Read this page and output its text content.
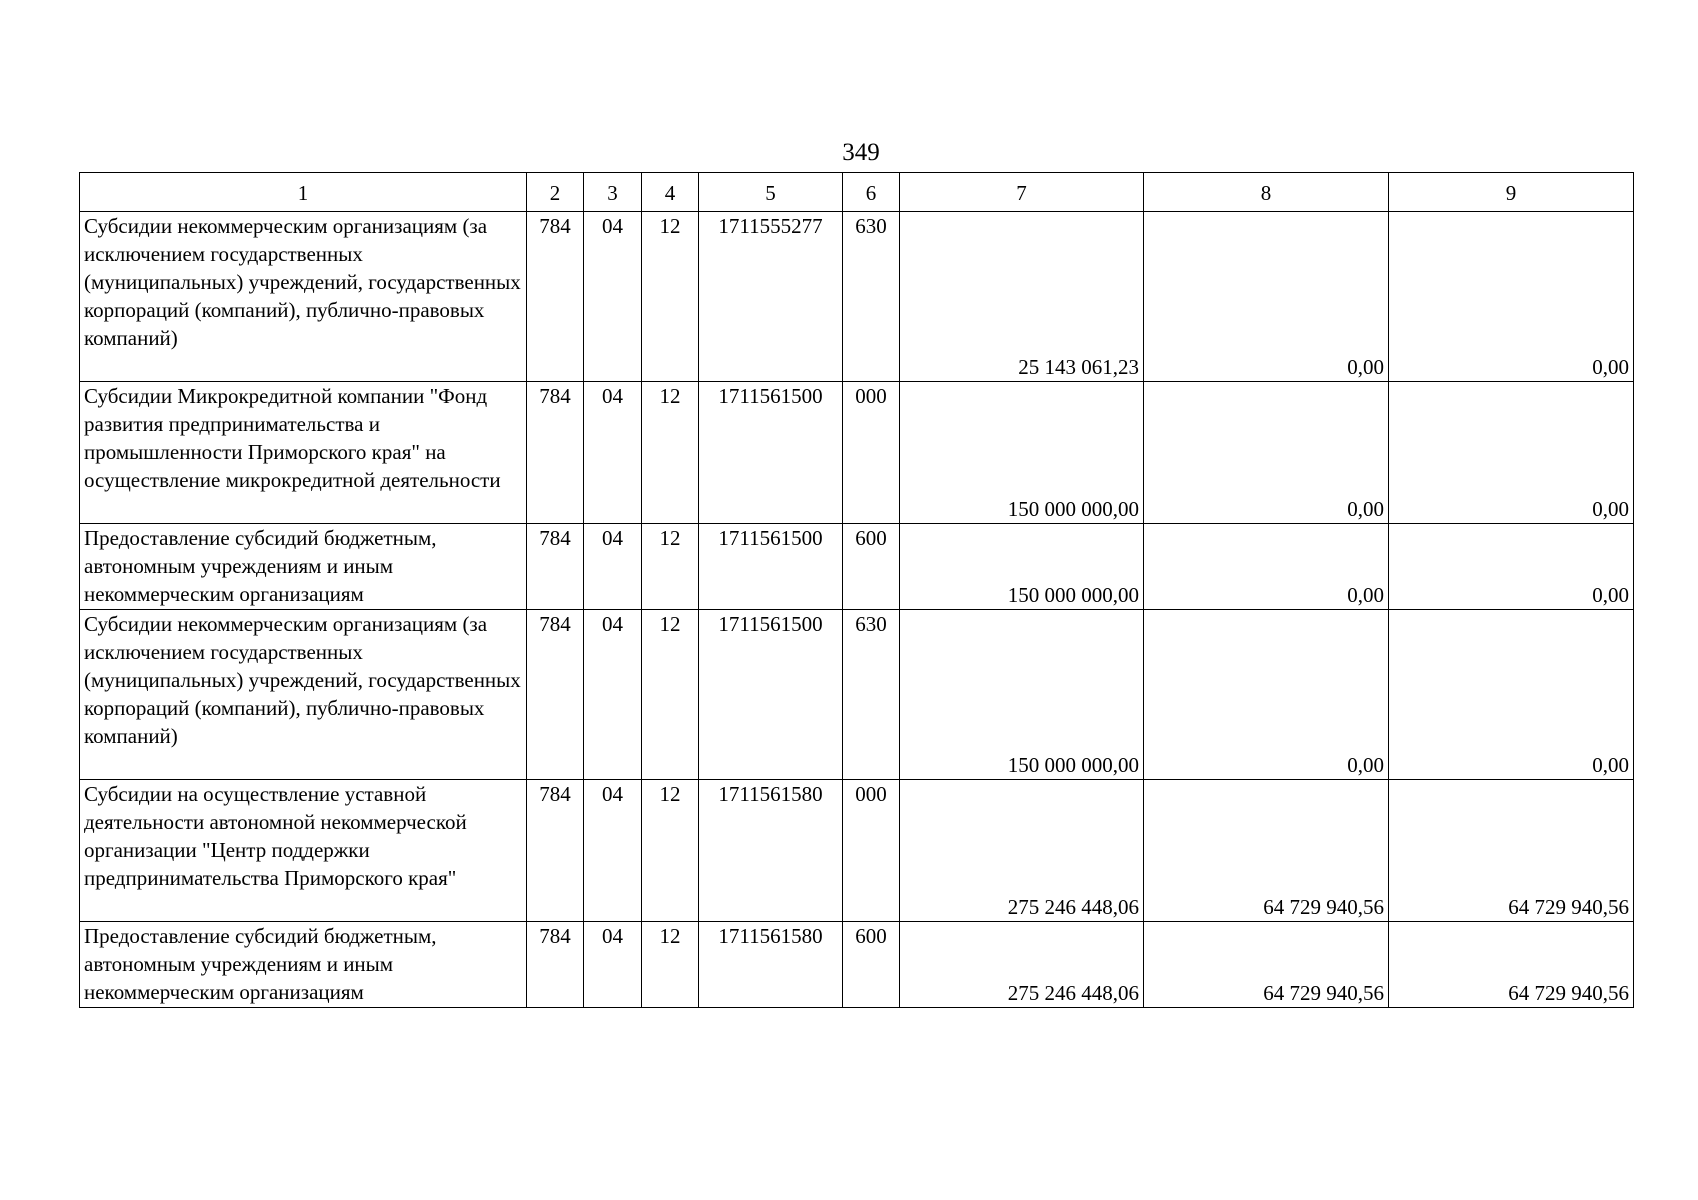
349
1	2	3	4	5	6	7	8	9
Субсидии некоммерческим организациям (за исключением государственных (муниципальных) учреждений, государственных корпораций (компаний), публично-правовых компаний)	784	04	12	1711555277	630	25 143 061,23	0,00	0,00
Субсидии Микрокредитной компании "Фонд развития предпринимательства и промышленности Приморского края" на осуществление микрокредитной деятельности	784	04	12	1711561500	000	150 000 000,00	0,00	0,00
Предоставление субсидий бюджетным, автономным учреждениям и иным некоммерческим организациям	784	04	12	1711561500	600	150 000 000,00	0,00	0,00
Субсидии некоммерческим организациям (за исключением государственных (муниципальных) учреждений, государственных корпораций (компаний), публично-правовых компаний)	784	04	12	1711561500	630	150 000 000,00	0,00	0,00
Субсидии на осуществление уставной деятельности автономной некоммерческой организации "Центр поддержки предпринимательства Приморского края"	784	04	12	1711561580	000	275 246 448,06	64 729 940,56	64 729 940,56
Предоставление субсидий бюджетным, автономным учреждениям и иным некоммерческим организациям	784	04	12	1711561580	600	275 246 448,06	64 729 940,56	64 729 940,56
